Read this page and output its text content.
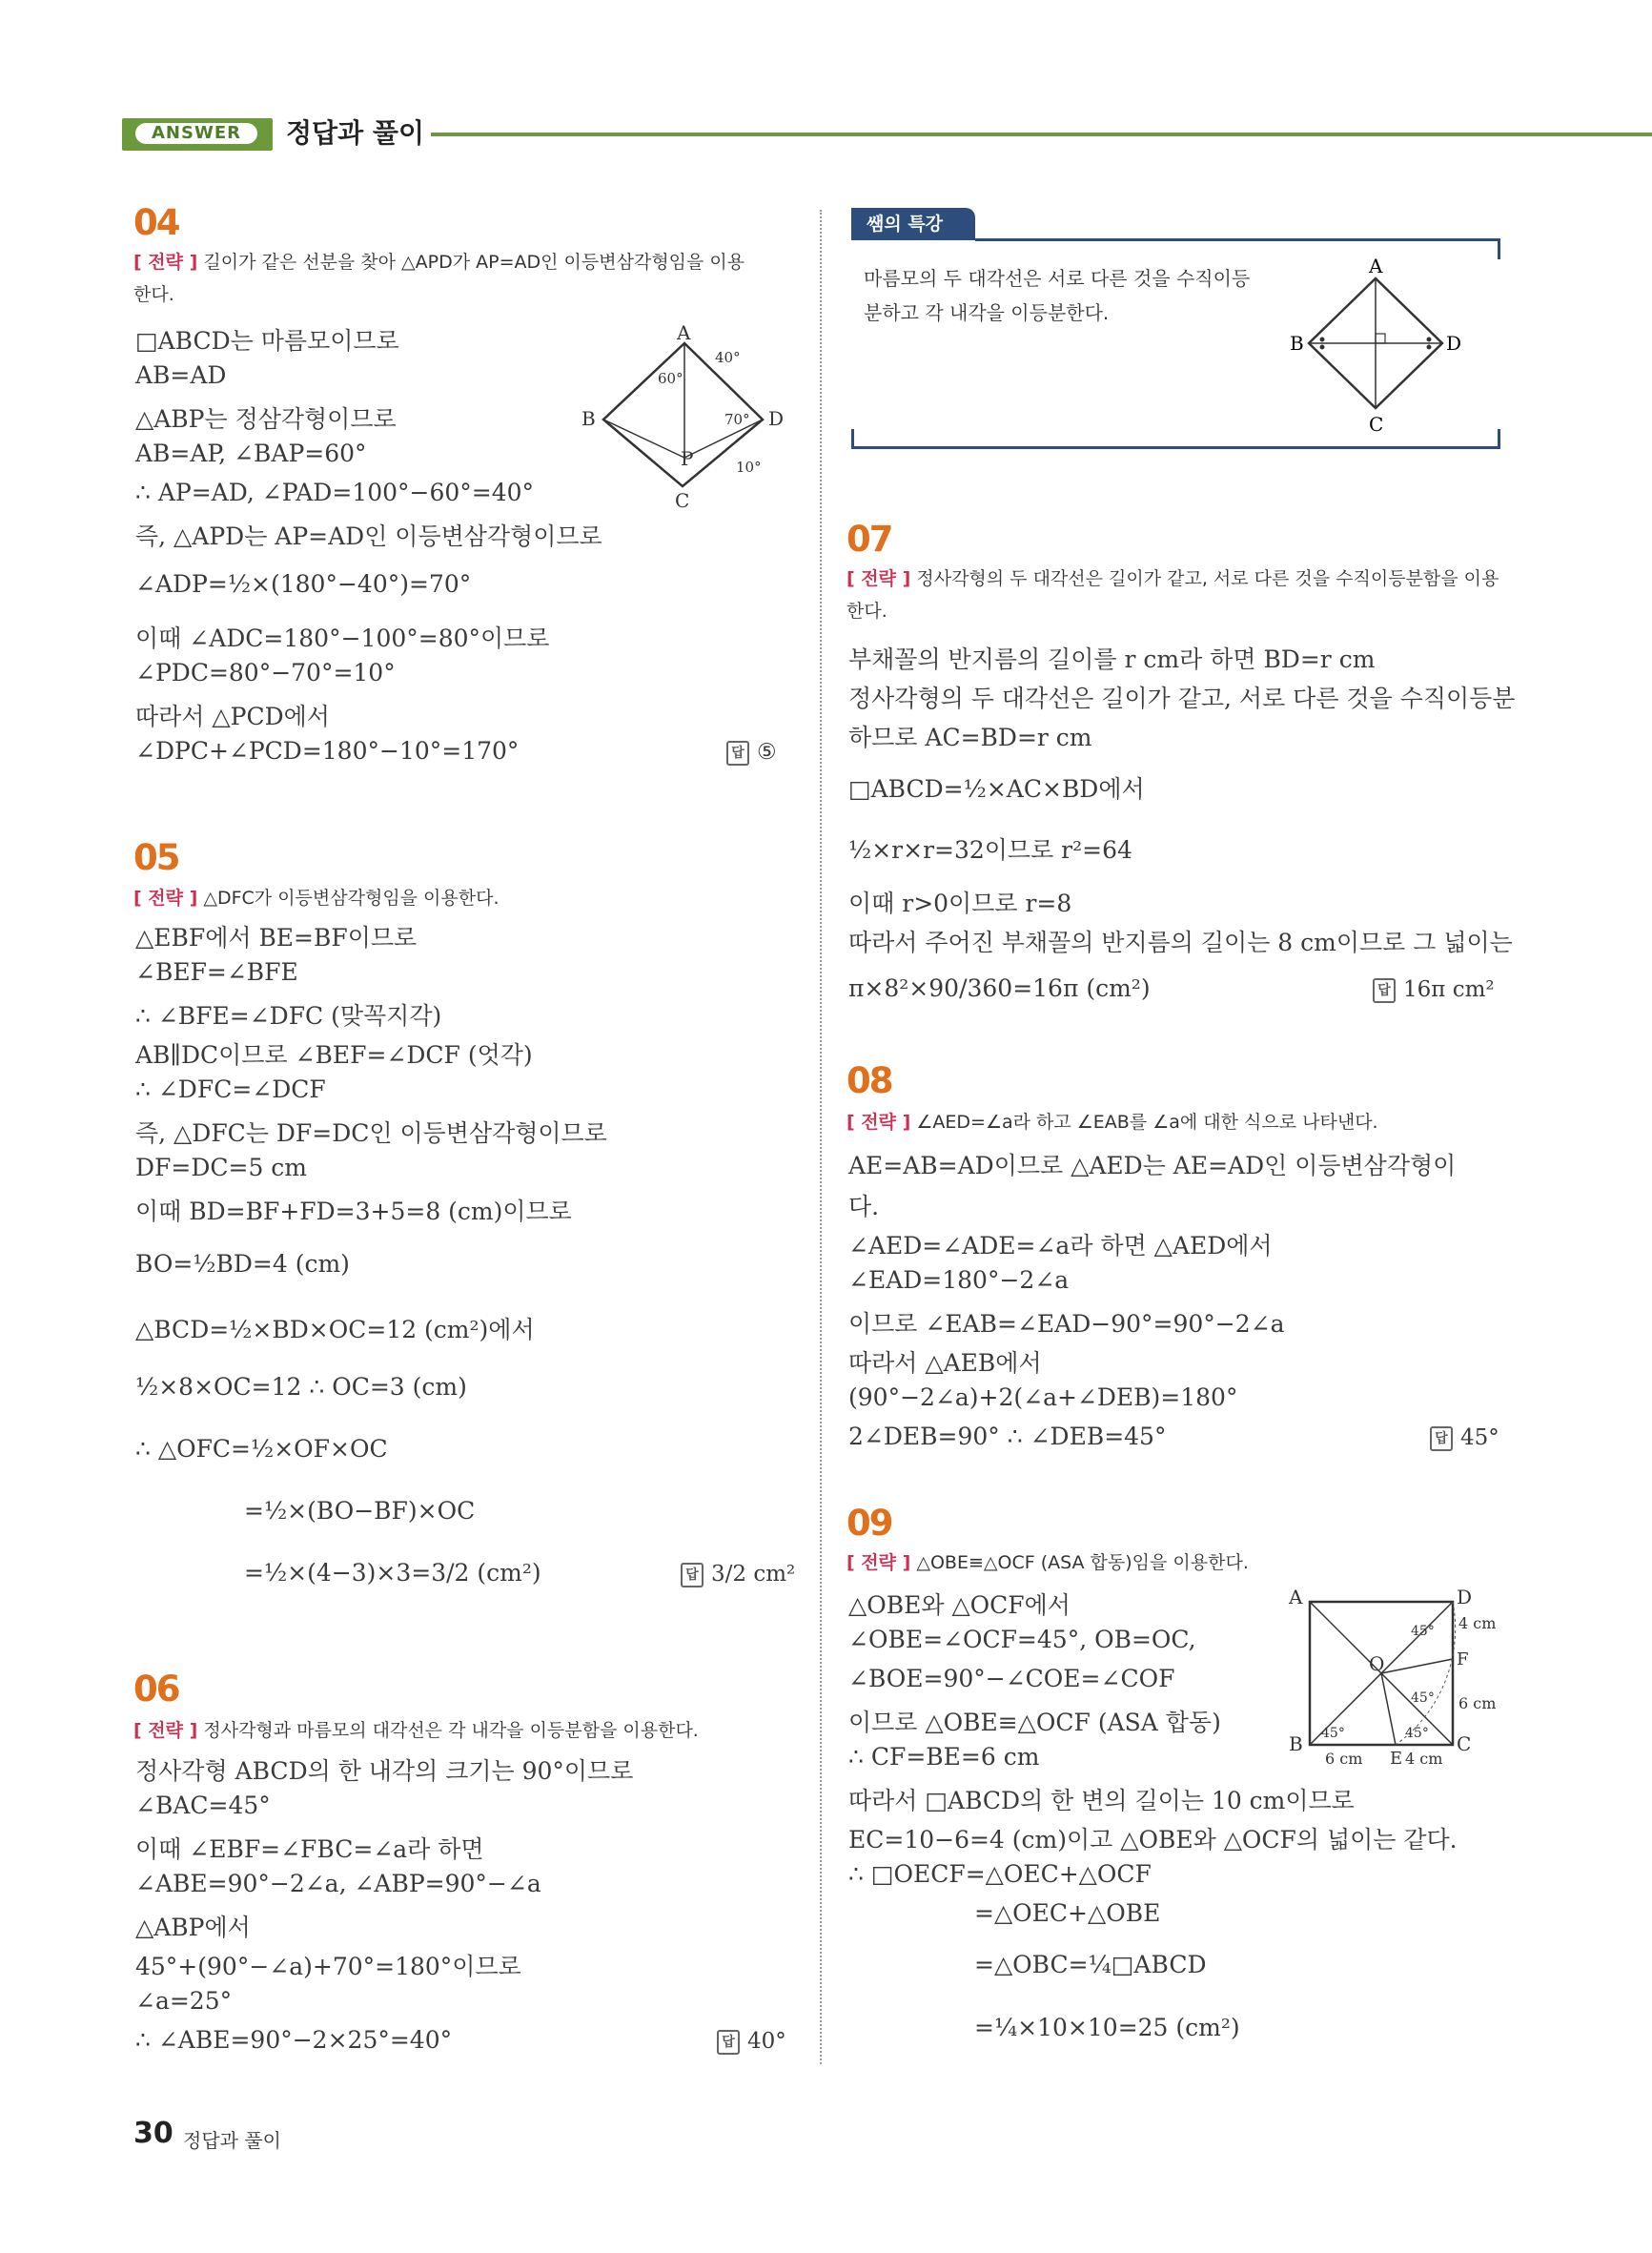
ANSWER	정답과 풀이
04
[ 전략 ] 길이가 같은 선분을 찾아 △APD가 AP=AD인 이등변삼각형임을 이용
한다.
□ABCD는 마름모이므로
AB=AD
△ABP는 정삼각형이므로
AB=AP, ∠BAP=60°
∴ AP=AD, ∠PAD=100°−60°=40°
즉, △APD는 AP=AD인 이등변삼각형이므로
∠ADP=½×(180°−40°)=70°
이때 ∠ADC=180°−100°=80°이므로
∠PDC=80°−70°=10°
따라서 △PCD에서
∠DPC+∠PCD=180°−10°=170°	답 ⑤
A
B
C
D
P
60°
40°
70°
10°
05
[ 전략 ] △DFC가 이등변삼각형임을 이용한다.
△EBF에서 BE=BF이므로
∠BEF=∠BFE
∴ ∠BFE=∠DFC (맞꼭지각)
AB∥DC이므로 ∠BEF=∠DCF (엇각)
∴ ∠DFC=∠DCF
즉, △DFC는 DF=DC인 이등변삼각형이므로
DF=DC=5 cm
이때 BD=BF+FD=3+5=8 (cm)이므로
BO=½BD=4 (cm)
△BCD=½×BD×OC=12 (cm²)에서
½×8×OC=12 ∴ OC=3 (cm)
∴ △OFC=½×OF×OC
=½×(BO−BF)×OC
=½×(4−3)×3=3/2 (cm²)	답 3/2 cm²
06
[ 전략 ] 정사각형과 마름모의 대각선은 각 내각을 이등분함을 이용한다.
정사각형 ABCD의 한 내각의 크기는 90°이므로
∠BAC=45°
이때 ∠EBF=∠FBC=∠a라 하면
∠ABE=90°−2∠a, ∠ABP=90°−∠a
△ABP에서
45°+(90°−∠a)+70°=180°이므로
∠a=25°
∴ ∠ABE=90°−2×25°=40°	답 40°
쌤의 특강
마름모의 두 대각선은 서로 다른 것을 수직이등
분하고 각 내각을 이등분한다.
A
B
C
D
07
[ 전략 ] 정사각형의 두 대각선은 길이가 같고, 서로 다른 것을 수직이등분함을 이용
한다.
부채꼴의 반지름의 길이를 r cm라 하면 BD=r cm
정사각형의 두 대각선은 길이가 같고, 서로 다른 것을 수직이등분
하므로 AC=BD=r cm
□ABCD=½×AC×BD에서
½×r×r=32이므로 r²=64
이때 r>0이므로 r=8
따라서 주어진 부채꼴의 반지름의 길이는 8 cm이므로 그 넓이는
π×8²×90/360=16π (cm²)	답 16π cm²
08
[ 전략 ] ∠AED=∠a라 하고 ∠EAB를 ∠a에 대한 식으로 나타낸다.
AE=AB=AD이므로 △AED는 AE=AD인 이등변삼각형이
다.
∠AED=∠ADE=∠a라 하면 △AED에서
∠EAD=180°−2∠a
이므로 ∠EAB=∠EAD−90°=90°−2∠a
따라서 △AEB에서
(90°−2∠a)+2(∠a+∠DEB)=180°
2∠DEB=90° ∴ ∠DEB=45°	답 45°
09
[ 전략 ] △OBE≡△OCF (ASA 합동)임을 이용한다.
△OBE와 △OCF에서
∠OBE=∠OCF=45°, OB=OC,
∠BOE=90°−∠COE=∠COF
이므로 △OBE≡△OCF (ASA 합동)
∴ CF=BE=6 cm
따라서 □ABCD의 한 변의 길이는 10 cm이므로
EC=10−6=4 (cm)이고 △OBE와 △OCF의 넓이는 같다.
∴ □OECF=△OEC+△OCF
=△OEC+△OBE
=△OBC=¼□ABCD
=¼×10×10=25 (cm²)
A
B	C
D
O
E
F
45°
45°
45°	45°
4 cm
6 cm
6 cm	4 cm
30 정답과 풀이
